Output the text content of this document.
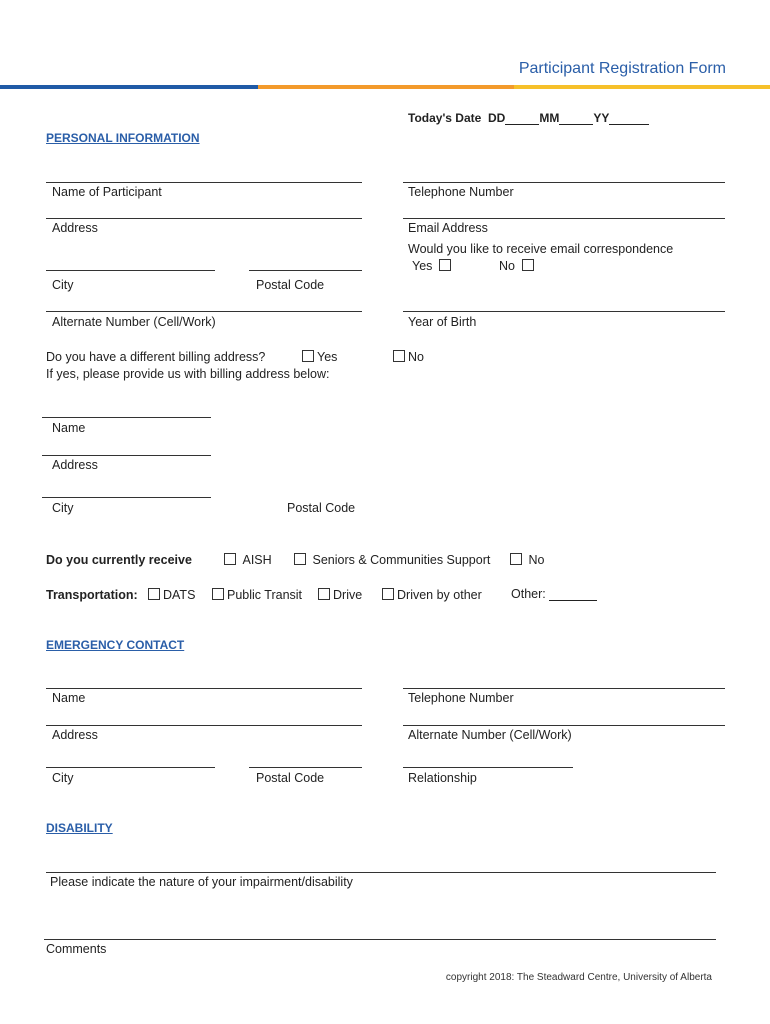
Participant Registration Form
Today's Date DD	MM	YY
PERSONAL INFORMATION
Name of Participant	Telephone Number
Address	Email Address
Would you like to receive email correspondence
Yes	No
City	Postal Code
Alternate Number (Cell/Work)	Year of Birth
Do you have a different billing address?	Yes	No
If yes, please provide us with billing address below:
Name
Address
City	Postal Code
Do you currently receive	AISH	Seniors & Communities Support	No
Transportation:	DATS	Public Transit	Drive	Driven by other Other:
EMERGENCY CONTACT
Name	Telephone Number
Address	Alternate Number (Cell/Work)
City	Postal Code	Relationship
DISABILITY
Please indicate the nature of your impairment/disability
Comments
copyright 2018: The Steadward Centre, University of Alberta
